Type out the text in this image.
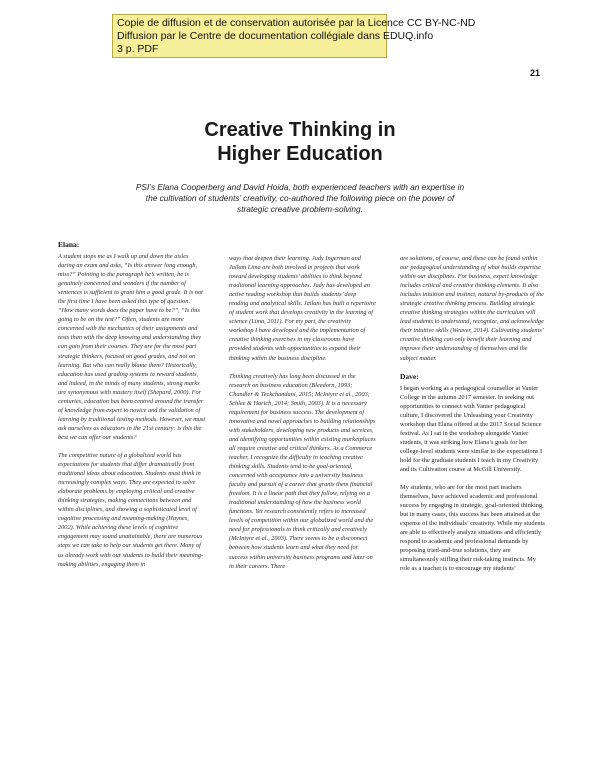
Copie de diffusion et de conservation autorisée par la Licence CC BY-NC-ND
Diffusion par le Centre de documentation collégiale dans EDUQ.info
3 p. PDF
21
Creative Thinking in
Higher Education
PSI’s Elana Cooperberg and David Hoida, both experienced teachers with an expertise in the cultivation of students’ creativity, co-authored the following piece on the power of strategic creative problem-solving.
Elana:

A student stops me as I walk up and down the aisles during an exam and asks, “Is this answer long enough, miss?” Pointing to the paragraph he’s written, he is genuinely concerned and wonders if the number of sentences is sufficient to grant him a good grade. It is not the first time I have been asked this type of question. “How many words does the paper have to be?”, “Is this going to be on the test?” Often, students are more concerned with the mechanics of their assignments and tests than with the deep knowing and understanding they can gain from their courses. They are for the most part strategic thinkers, focused on good grades, and not on learning. But who can really blame them? Historically, education has used grading systems to reward students, and indeed, in the minds of many students, strong marks are synonymous with mastery itself (Shepard, 2000). For centuries, education has been centred around the transfer of knowledge from expert to novice and the validation of learning by traditional testing methods. However, we must ask ourselves as educators in the 21st century: is this the best we can offer our students?

The competitive nature of a globalized world has expectations for students that differ dramatically from traditional ideas about education. Students must think in increasingly complex ways. They are expected to solve elaborate problems by employing critical and creative thinking strategies, making connections between and within disciplines, and showing a sophisticated level of cognitive processing and meaning-making (Haynes, 2002). While achieving these levels of cognitive engagement may sound unattainable, there are numerous steps we can take to help our students get there. Many of us already work with our students to build their meaning-making abilities, engaging them in

ways that deepen their learning. Judy Ingerman and Jailam Lima are both involved in projects that work toward developing students’ abilities to think beyond traditional learning approaches. Judy has developed an active reading workshop that builds students’ deep reading and analytical skills. Jailam has built a repertoire of student work that develops creativity in the learning of science (Lima, 2011). For my part, the creativity workshop I have developed and the implementation of creative thinking exercises in my classrooms have provided students with opportunities to expand their thinking within the business discipline.

Thinking creatively has long been discussed in the research on business education (Bleedorn, 1993; Chandler & Teckchandani, 2015; McIntyre et al., 2003; Schlee & Harich, 2014; Smith, 2003). It is a necessary requirement for business success. The development of innovative and novel approaches to building relationships with stakeholders, developing new products and services, and identifying opportunities within existing marketplaces all require creative and critical thinkers. As a Commerce teacher, I recognize the difficulty in teaching creative thinking skills. Students tend to be goal-oriented, concerned with acceptance into a university business faculty and pursuit of a career that grants them financial freedom. It is a linear path that they follow, relying on a traditional understanding of how the business world functions. Yet research consistently refers to increased levels of competition within our globalized world and the need for professionals to think critically and creatively (McIntyre et al., 2003). There seems to be a disconnect between how students learn and what they need for success within university business programs and later on in their careers. There

are solutions, of course, and these can be found within our pedagogical understanding of what builds expertise within our disciplines. For business, expert knowledge includes critical and creative thinking elements. It also includes intuition and instinct, natural by-products of the strategic creative thinking process. Building strategic creative thinking strategies within the curriculum will lead students to understand, recognize, and acknowledge their intuitive skills (Weaver, 2014). Cultivating students’ creative thinking can only benefit their learning and improve their understanding of themselves and the subject matter.

Dave:

I began working as a pedagogical counsellor at Vanier College in the autumn 2017 semester. In seeking out opportunities to connect with Vanier pedagogical culture, I discovered the Unleashing your Creativity workshop that Elana offered at the 2017 Social Science festival. As I sat in the workshop alongside Vanier students, it was striking how Elana’s goals for her college-level students were similar to the expectations I hold for the graduate students I teach in my Creativity and its Cultivation course at McGill University.

My students, who are for the most part teachers themselves, have achieved academic and professional success by engaging in strategic, goal-oriented thinking, but in many cases, this success has been attained at the expense of the individuals’ creativity. While my students are able to effectively analyze situations and efficiently respond to academic and professional demands by proposing tried-and-true solutions, they are simultaneously stifling their risk-taking instincts. My role as a teacher is to encourage my students’
